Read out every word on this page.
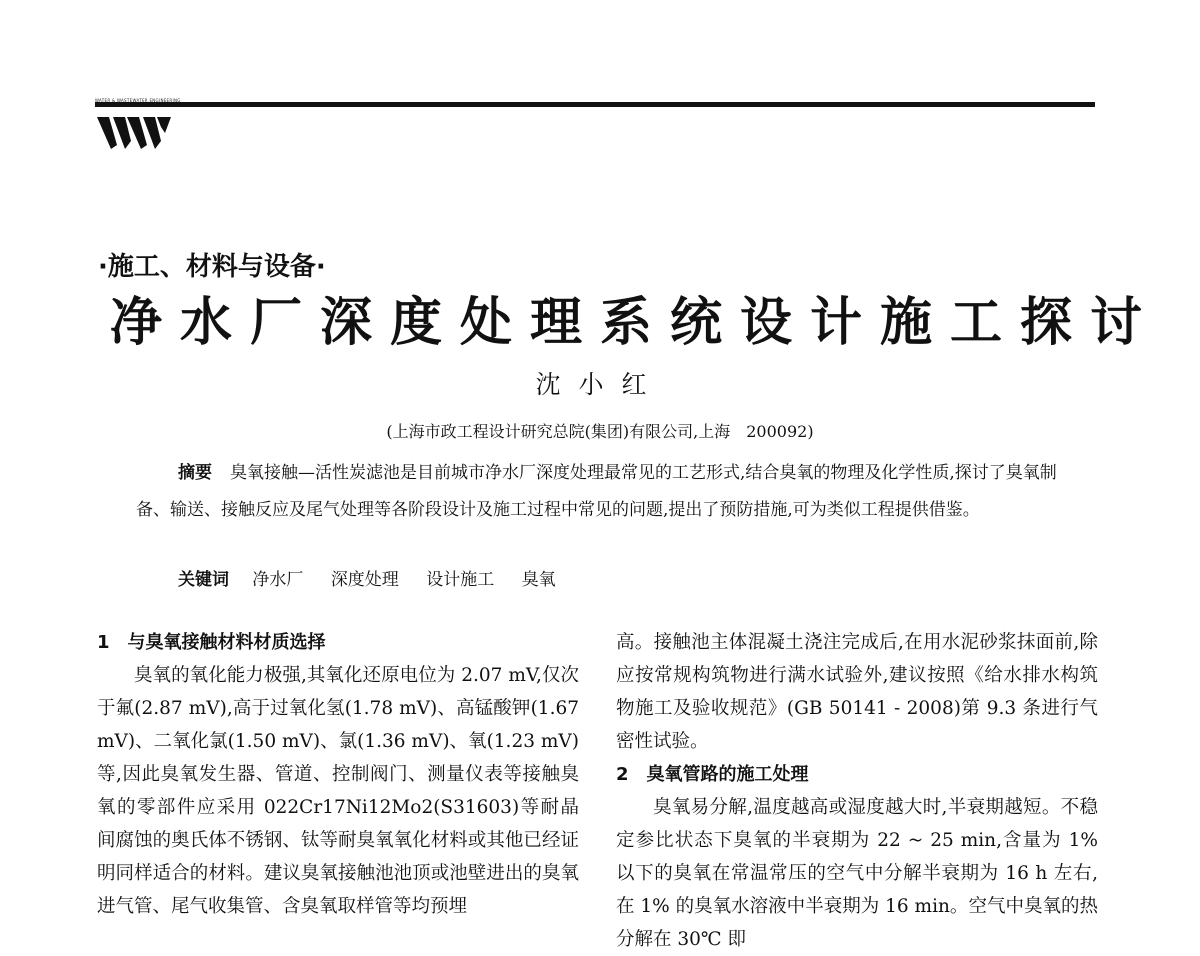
WATER & WASTEWATER ENGINEERING
·施工、材料与设备·
净水厂深度处理系统设计施工探讨
沈小红
(上海市政工程设计研究总院(集团)有限公司,上海　200092)
摘要 臭氧接触—活性炭滤池是目前城市净水厂深度处理最常见的工艺形式,结合臭氧的物理及化学性质,探讨了臭氧制备、输送、接触反应及尾气处理等各阶段设计及施工过程中常见的问题,提出了预防措施,可为类似工程提供借鉴。
关键词 净水厂 深度处理 设计施工 臭氧
1　与臭氧接触材料材质选择

臭氧的氧化能力极强,其氧化还原电位为 2.07 mV,仅次于氟(2.87 mV),高于过氧化氢(1.78 mV)、高锰酸钾(1.67 mV)、二氧化氯(1.50 mV)、氯(1.36 mV)、氧(1.23 mV)等,因此臭氧发生器、管道、控制阀门、测量仪表等接触臭氧的零部件应采用 022Cr17Ni12Mo2(S31603)等耐晶间腐蚀的奥氏体不锈钢、钛等耐臭氧氧化材料或其他已经证明同样适合的材料。建议臭氧接触池池顶或池壁进出的臭氧进气管、尾气收集管、含臭氧取样管等均预埋

高。接触池主体混凝土浇注完成后,在用水泥砂浆抹面前,除应按常规构筑物进行满水试验外,建议按照《给水排水构筑物施工及验收规范》(GB 50141 - 2008)第 9.3 条进行气密性试验。

2　臭氧管路的施工处理

臭氧易分解,温度越高或湿度越大时,半衰期越短。不稳定参比状态下臭氧的半衰期为 22 ~ 25 min,含量为 1% 以下的臭氧在常温常压的空气中分解半衰期为 16 h 左右,在 1% 的臭氧水溶液中半衰期为 16 min。空气中臭氧的热分解在 30℃ 即
